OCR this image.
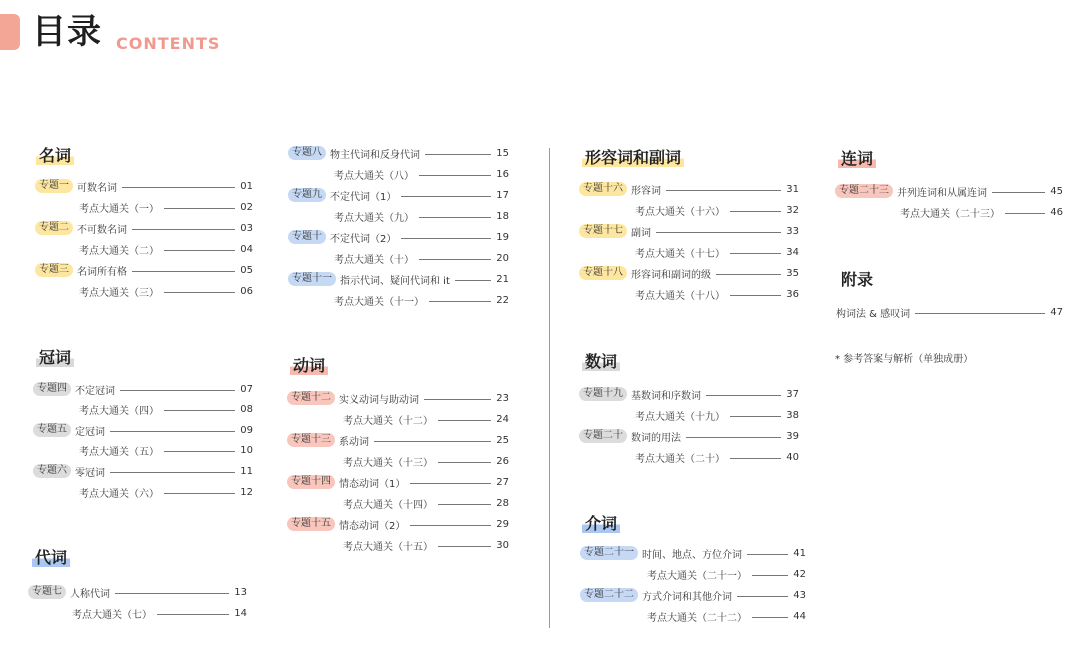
目录 CONTENTS
名词
冠词
代词
动词
形容词和副词
数词
介词
连词
附录
专题一 可数名词	01
考点大通关（一）	02
专题二 不可数名词	03
考点大通关（二）	04
专题三 名词所有格	05
考点大通关（三）	06
专题四 不定冠词	07
考点大通关（四）	08
专题五 定冠词	09
考点大通关（五）	10
专题六 零冠词	11
考点大通关（六）	12
专题七 人称代词	13
考点大通关（七）	14
专题八 物主代词和反身代词	15
考点大通关（八）	16
专题九 不定代词（1）	17
考点大通关（九）	18
专题十 不定代词（2）	19
考点大通关（十）	20
专题十一 指示代词、疑问代词和 it	21
考点大通关（十一）	22
专题十二 实义动词与助动词	23
考点大通关（十二）	24
专题十三 系动词	25
考点大通关（十三）	26
专题十四 情态动词（1）	27
考点大通关（十四）	28
专题十五 情态动词（2）	29
考点大通关（十五）	30
专题十六 形容词	31
考点大通关（十六）	32
专题十七 副词	33
考点大通关（十七）	34
专题十八 形容词和副词的级	35
考点大通关（十八）	36
专题十九 基数词和序数词	37
考点大通关（十九）	38
专题二十 数词的用法	39
考点大通关（二十）	40
专题二十一 时间、地点、方位介词	41
考点大通关（二十一）	42
专题二十二 方式介词和其他介词	43
考点大通关（二十二）	44
专题二十三 并列连词和从属连词	45
考点大通关（二十三）	46
构词法 & 感叹词	47
* 参考答案与解析（单独成册）
